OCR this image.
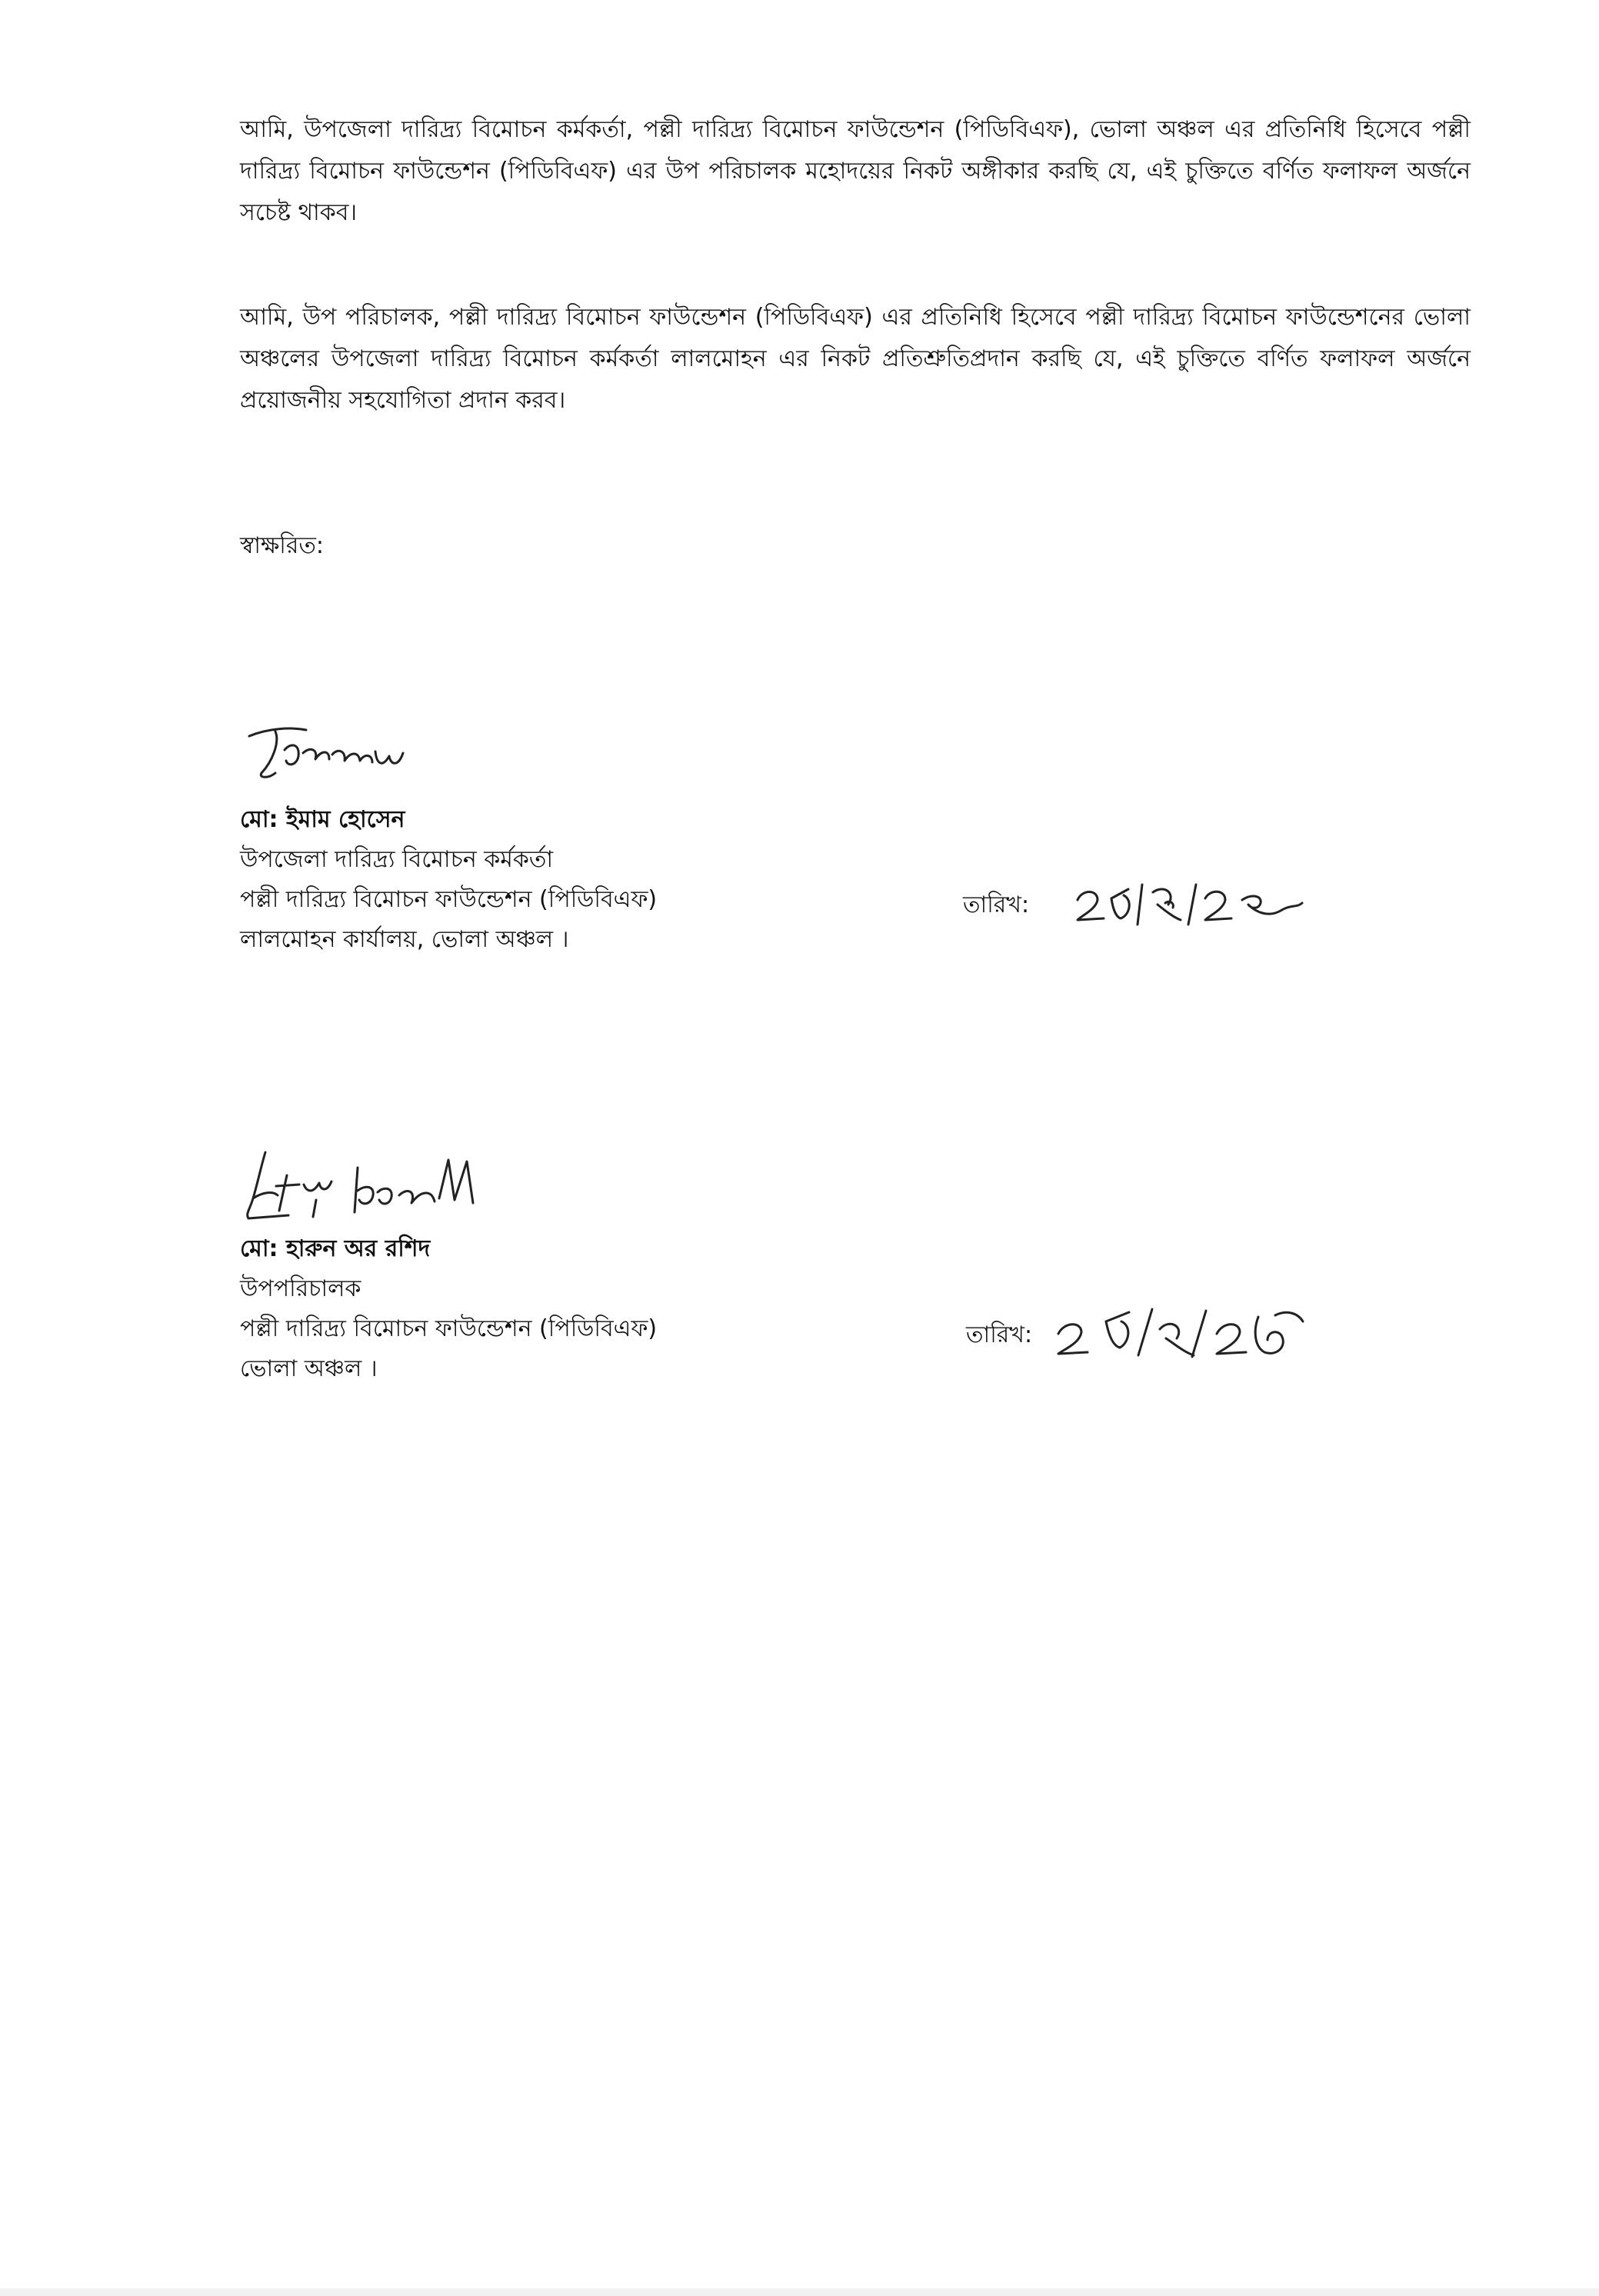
আমি, উপজেলা দারিদ্র্য বিমোচন কর্মকর্তা, পল্লী দারিদ্র্য বিমোচন ফাউন্ডেশন (পিডিবিএফ), ভোলা অঞ্চল এর প্রতিনিধি হিসেবে পল্লী দারিদ্র্য বিমোচন ফাউন্ডেশন (পিডিবিএফ) এর উপ পরিচালক মহোদয়ের নিকট অঙ্গীকার করছি যে, এই চুক্তিতে বর্ণিত ফলাফল অর্জনে সচেষ্ট থাকব।

আমি, উপ পরিচালক, পল্লী দারিদ্র্য বিমোচন ফাউন্ডেশন (পিডিবিএফ) এর প্রতিনিধি হিসেবে পল্লী দারিদ্র্য বিমোচন ফাউন্ডেশনের ভোলা অঞ্চলের উপজেলা দারিদ্র্য বিমোচন কর্মকর্তা লালমোহন এর নিকট প্রতিশ্রুতিপ্রদান করছি যে, এই চুক্তিতে বর্ণিত ফলাফল অর্জনে প্রয়োজনীয় সহযোগিতা প্রদান করব।

স্বাক্ষরিত:
মো: ইমাম হোসেন
উপজেলা দারিদ্র্য বিমোচন কর্মকর্তা
পল্লী দারিদ্র্য বিমোচন ফাউন্ডেশন (পিডিবিএফ)
লালমোহন কার্যালয়, ভোলা অঞ্চল ।
তারিখ:
মো: হারুন অর রশিদ
উপপরিচালক
পল্লী দারিদ্র্য বিমোচন ফাউন্ডেশন (পিডিবিএফ)
ভোলা অঞ্চল ।
তারিখ:
